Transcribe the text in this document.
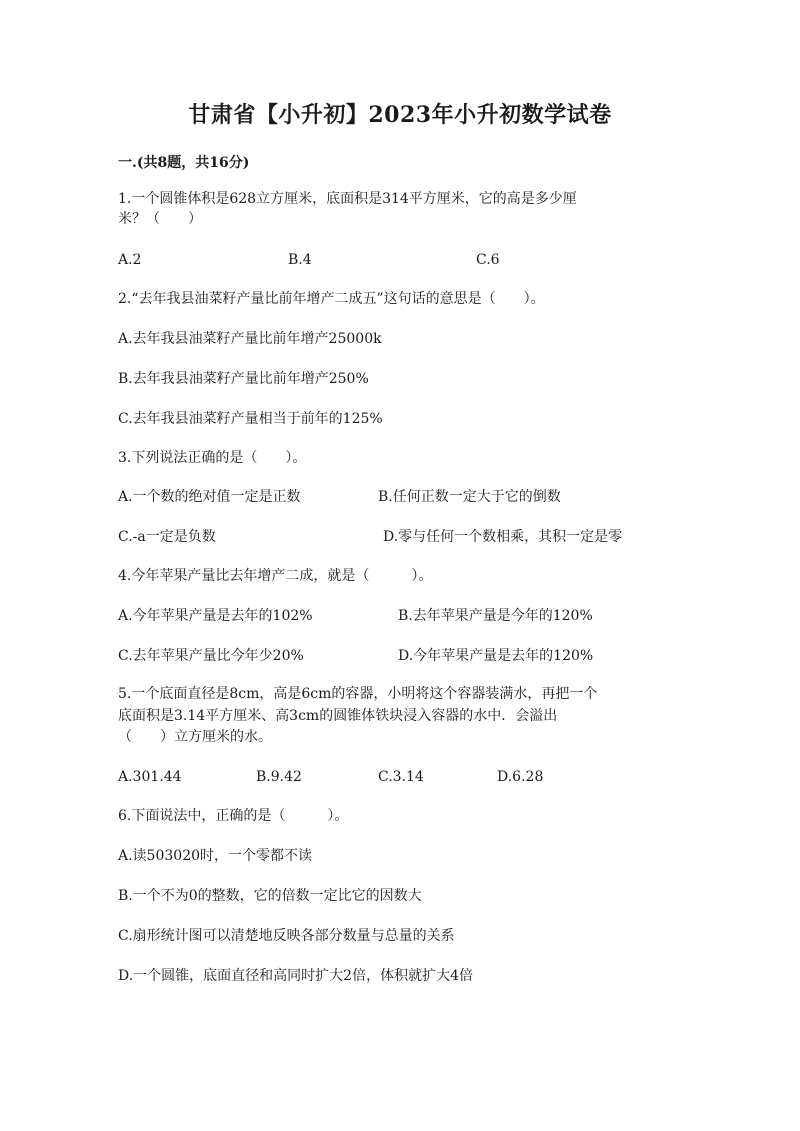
甘肃省【小升初】2023年小升初数学试卷
一.(共8题，共16分)
1.一个圆锥体积是628立方厘米，底面积是314平方厘米，它的高是多少厘
米？（　　）
A.2	B.4	C.6
2.“去年我县油菜籽产量比前年增产二成五”这句话的意思是（　　）。
A.去年我县油菜籽产量比前年增产25000k
B.去年我县油菜籽产量比前年增产250%
C.去年我县油菜籽产量相当于前年的125%
3.下列说法正确的是（　　）。
A.一个数的绝对值一定是正数	B.任何正数一定大于它的倒数
C.-a一定是负数	D.零与任何一个数相乘，其积一定是零
4.今年苹果产量比去年增产二成，就是（　　　）。
A.今年苹果产量是去年的102%	B.去年苹果产量是今年的120%
C.去年苹果产量比今年少20%	D.今年苹果产量是去年的120%
5.一个底面直径是8cm，高是6cm的容器，小明将这个容器装满水，再把一个
底面积是3.14平方厘米、高3cm的圆锥体铁块浸入容器的水中．会溢出
（　　）立方厘米的水。
A.301.44	B.9.42	C.3.14	D.6.28
6.下面说法中，正确的是（　　　）。
A.读503020时，一个零都不读
B.一个不为0的整数，它的倍数一定比它的因数大
C.扇形统计图可以清楚地反映各部分数量与总量的关系
D.一个圆锥，底面直径和高同时扩大2倍，体积就扩大4倍
